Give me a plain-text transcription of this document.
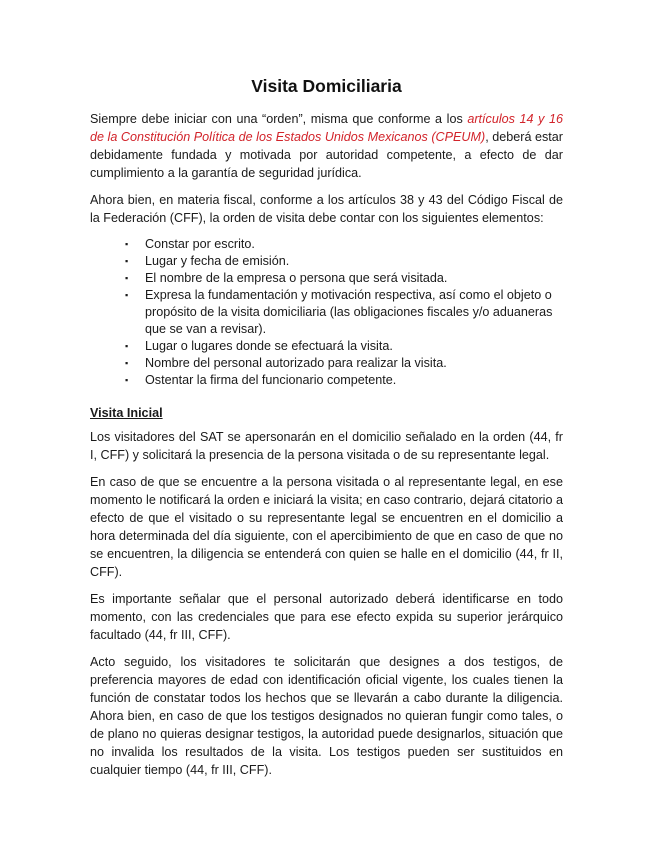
Visita Domiciliaria

Siempre debe iniciar con una “orden”, misma que conforme a los artículos 14 y 16 de la Constitución Política de los Estados Unidos Mexicanos (CPEUM), deberá estar debidamente fundada y motivada por autoridad competente, a efecto de dar cumplimiento a la garantía de seguridad jurídica.

Ahora bien, en materia fiscal, conforme a los artículos 38 y 43 del Código Fiscal de la Federación (CFF), la orden de visita debe contar con los siguientes elementos:

▪ Constar por escrito.
▪ Lugar y fecha de emisión.
▪ El nombre de la empresa o persona que será visitada.
▪ Expresa la fundamentación y motivación respectiva, así como el objeto o propósito de la visita domiciliaria (las obligaciones fiscales y/o aduaneras que se van a revisar).
▪ Lugar o lugares donde se efectuará la visita.
▪ Nombre del personal autorizado para realizar la visita.
▪ Ostentar la firma del funcionario competente.
Visita Inicial

Los visitadores del SAT se apersonarán en el domicilio señalado en la orden (44, fr I, CFF) y solicitará la presencia de la persona visitada o de su representante legal.

En caso de que se encuentre a la persona visitada o al representante legal, en ese momento le notificará la orden e iniciará la visita; en caso contrario, dejará citatorio a efecto de que el visitado o su representante legal se encuentren en el domicilio a hora determinada del día siguiente, con el apercibimiento de que en caso de que no se encuentren, la diligencia se entenderá con quien se halle en el domicilio (44, fr II, CFF).

Es importante señalar que el personal autorizado deberá identificarse en todo momento, con las credenciales que para ese efecto expida su superior jerárquico facultado (44, fr III, CFF).

Acto seguido, los visitadores te solicitarán que designes a dos testigos, de preferencia mayores de edad con identificación oficial vigente, los cuales tienen la función de constatar todos los hechos que se llevarán a cabo durante la diligencia. Ahora bien, en caso de que los testigos designados no quieran fungir como tales, o de plano no quieras designar testigos, la autoridad puede designarlos, situación que no invalida los resultados de la visita. Los testigos pueden ser sustituidos en cualquier tiempo (44, fr III, CFF).
